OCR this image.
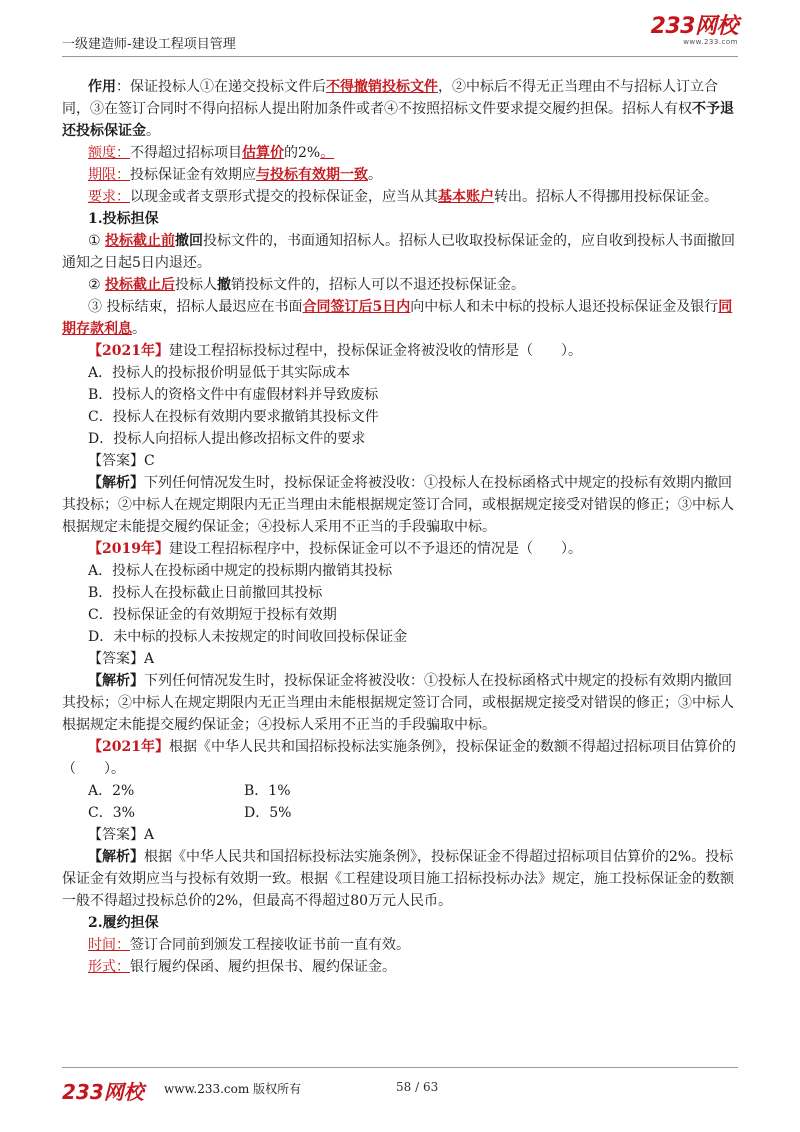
一级建造师-建设工程项目管理
233网校
www.233.com

作用：保证投标人①在递交投标文件后不得撤销投标文件，②中标后不得无正当理由不与招标人订立合同，③在签订合同时不得向招标人提出附加条件或者④不按照招标文件要求提交履约担保。招标人有权不予退还投标保证金。

额度：不得超过招标项目估算价的2%。

期限：投标保证金有效期应与投标有效期一致。

要求：以现金或者支票形式提交的投标保证金，应当从其基本账户转出。招标人不得挪用投标保证金。

1.投标担保

① 投标截止前撤回投标文件的，书面通知招标人。招标人已收取投标保证金的，应自收到投标人书面撤回通知之日起5日内退还。

② 投标截止后投标人撤销投标文件的，招标人可以不退还投标保证金。

③ 投标结束，招标人最迟应在书面合同签订后5日内向中标人和未中标的投标人退还投标保证金及银行同期存款利息。

【2021年】建设工程招标投标过程中，投标保证金将被没收的情形是（　　）。

A．投标人的投标报价明显低于其实际成本

B．投标人的资格文件中有虚假材料并导致废标

C．投标人在投标有效期内要求撤销其投标文件

D．投标人向招标人提出修改招标文件的要求

【答案】C

【解析】下列任何情况发生时，投标保证金将被没收：①投标人在投标函格式中规定的投标有效期内撤回其投标；②中标人在规定期限内无正当理由未能根据规定签订合同，或根据规定接受对错误的修正；③中标人根据规定未能提交履约保证金；④投标人采用不正当的手段骗取中标。

【2019年】建设工程招标程序中，投标保证金可以不予退还的情况是（　　）。

A．投标人在投标函中规定的投标期内撤销其投标

B．投标人在投标截止日前撤回其投标

C．投标保证金的有效期短于投标有效期

D．未中标的投标人未按规定的时间收回投标保证金

【答案】A

【解析】下列任何情况发生时，投标保证金将被没收：①投标人在投标函格式中规定的投标有效期内撤回其投标；②中标人在规定期限内无正当理由未能根据规定签订合同，或根据规定接受对错误的修正；③中标人根据规定未能提交履约保证金；④投标人采用不正当的手段骗取中标。

【2021年】根据《中华人民共和国招标投标法实施条例》，投标保证金的数额不得超过招标项目估算价的（　　）。

A．2%	B．1%
C．3%	D．5%

【答案】A

【解析】根据《中华人民共和国招标投标法实施条例》，投标保证金不得超过招标项目估算价的2%。投标保证金有效期应当与投标有效期一致。根据《工程建设项目施工招标投标办法》规定，施工投标保证金的数额一般不得超过投标总价的2%，但最高不得超过80万元人民币。

2.履约担保

时间：签订合同前到颁发工程接收证书前一直有效。

形式：银行履约保函、履约担保书、履约保证金。

233网校 www.233.com 版权所有	58 / 63
